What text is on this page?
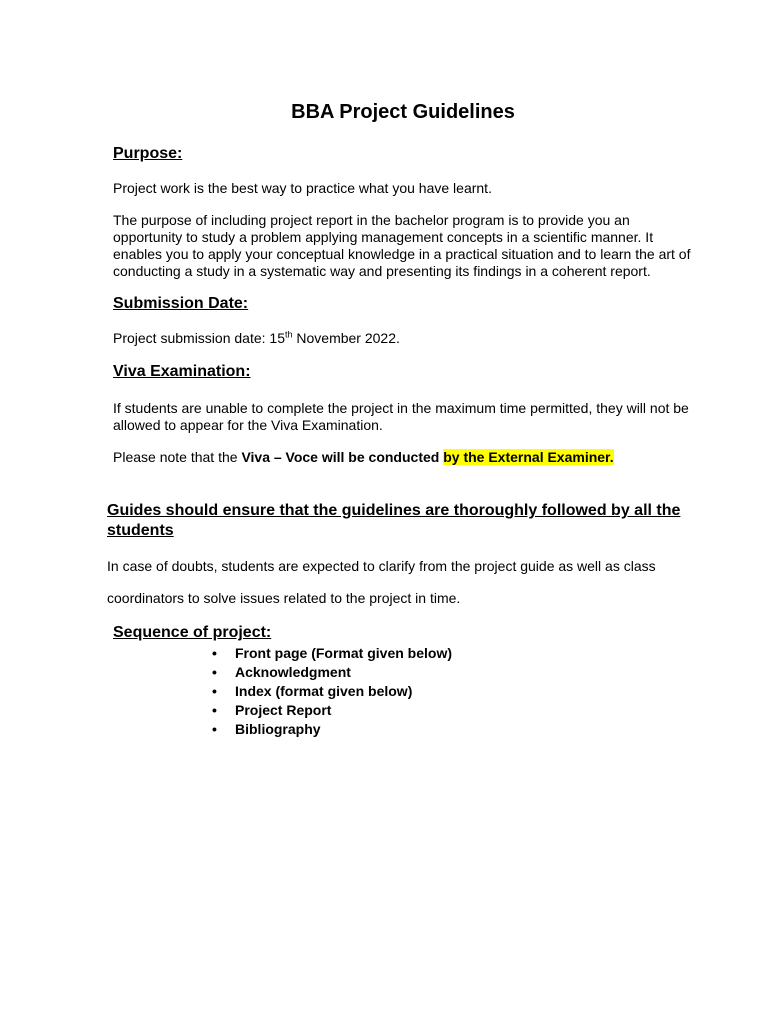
BBA Project Guidelines
Purpose:

Project work is the best way to practice what you have learnt.

The purpose of including project report in the bachelor program is to provide you an
opportunity to study a problem applying management concepts in a scientific manner. It
enables you to apply your conceptual knowledge in a practical situation and to learn the art of
conducting a study in a systematic way and presenting its findings in a coherent report.
Submission Date:

Project submission date: 15th November 2022.

Viva Examination:
If students are unable to complete the project in the maximum time permitted, they will not be
allowed to appear for the Viva Examination.

Please note that the Viva – Voce will be conducted by the External Examiner.

Guides should ensure that the guidelines are thoroughly followed by all the
students

In case of doubts, students are expected to clarify from the project guide as well as class

coordinators to solve issues related to the project in time.

Sequence of project:
• Front page (Format given below)
• Acknowledgment
• Index (format given below)
• Project Report
• Bibliography
